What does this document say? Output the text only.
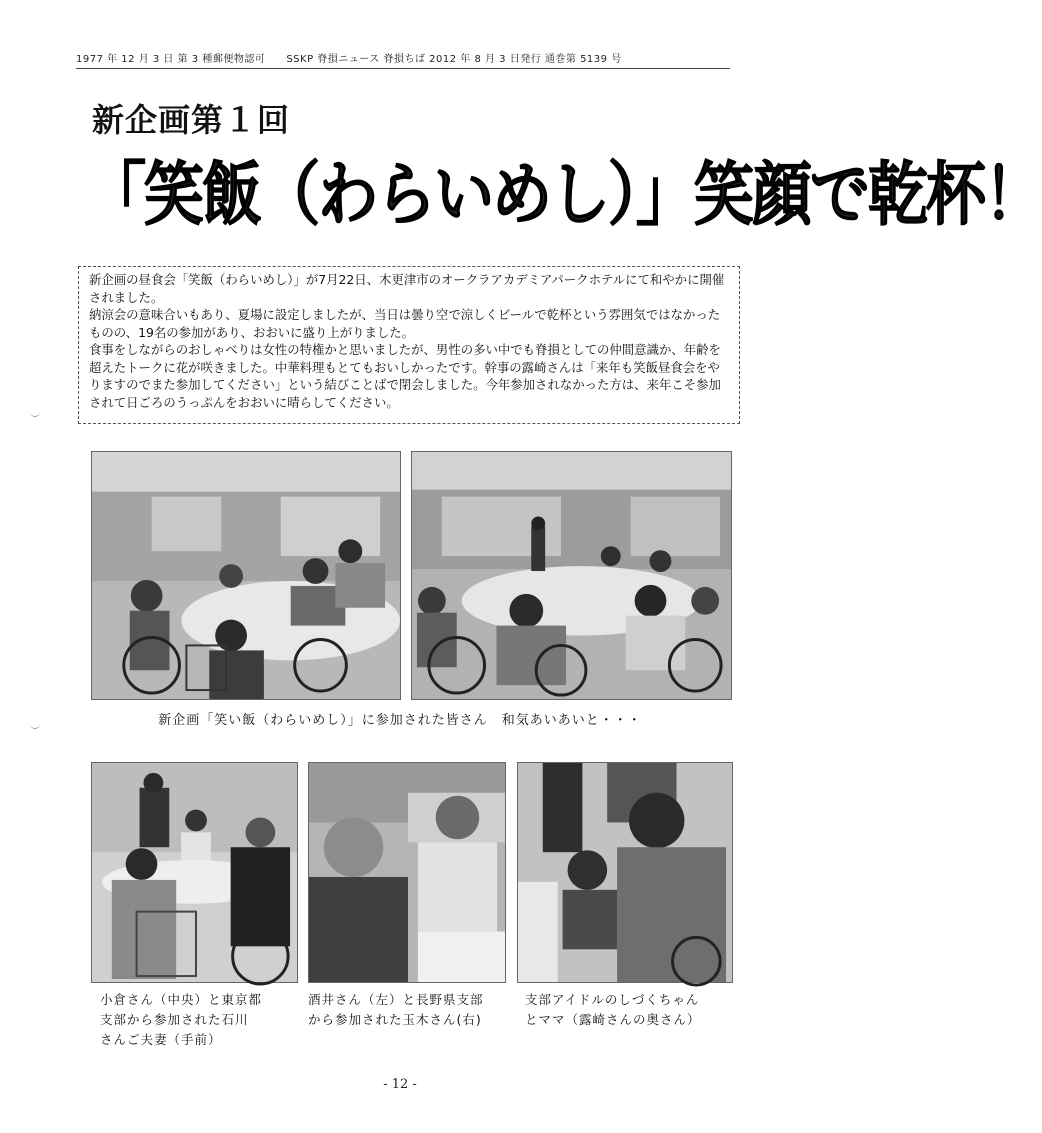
1977 年 12 月 3 日 第 3 種郵便物認可　　SSKP 脊損ニュース 脊損ちば 2012 年 8 月 3 日発行 通巻第 5139 号
新企画第１回
「笑飯（わらいめし）」笑顔で乾杯！

新企画の昼食会「笑飯（わらいめし）」が7月22日、木更津市のオークラアカデミアパークホテルにて和やかに開催されました。

納涼会の意味合いもあり、夏場に設定しましたが、当日は曇り空で涼しくビールで乾杯という雰囲気ではなかったものの、19名の参加があり、おおいに盛り上がりました。

食事をしながらのおしゃべりは女性の特権かと思いましたが、男性の多い中でも脊損としての仲間意識か、年齢を超えたトークに花が咲きました。中華料理もとてもおいしかったです。幹事の露崎さんは「来年も笑飯昼食会をやりますのでまた参加してください」という結びことばで閉会しました。今年参加されなかった方は、来年こそ参加されて日ごろのうっぷんをおおいに晴らしてください。

新企画「笑い飯（わらいめし）」に参加された皆さん　和気あいあいと・・・
小倉さん（中央）と東京都
支部から参加された石川
さんご夫妻（手前）
酒井さん（左）と長野県支部
から参加された玉木さん(右)
支部アイドルのしづくちゃん
とママ（露崎さんの奥さん）
- 12 -
